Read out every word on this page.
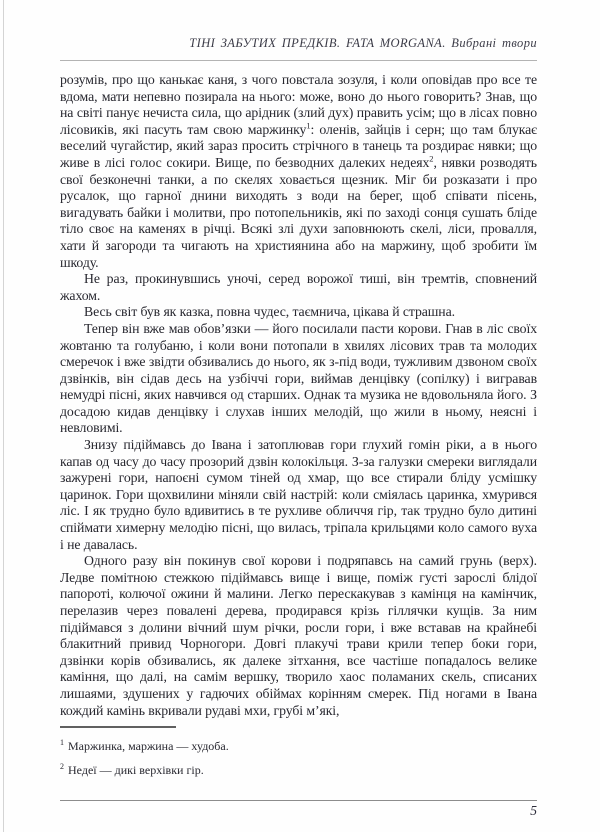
ТІНІ ЗАБУТИХ ПРЕДКІВ. FATA MORGANA. Вибрані твори

розумів, про що канькає каня, з чого повстала зозуля, і коли оповідав про все те вдома, мати непевно позирала на нього: може, воно до нього говорить? Знав, що на світі панує нечиста сила, що арідник (злий дух) править усім; що в лісах повно лісовиків, які пасуть там свою маржинку$^1$: оленів, зайців і серн; що там блукає веселий чугайстир, який зараз просить стрічного в танець та роздирає нявки; що живе в лісі голос сокири. Вище, по безводних далеких недеях$^2$, нявки розводять свої безконечні танки, а по скелях ховається щезник. Міг би розказати і про русалок, що гарної днини виходять з води на берег, щоб співати пісень, вигадувать байки і молитви, про потопельників, які по заході сонця сушать бліде тіло своє на каменях в річці. Всякі злі духи заповнюють скелі, ліси, провалля, хати й загороди та чигають на християнина або на маржину, щоб зробити їм шкоду.

Не раз, прокинувшись уночі, серед ворожої тиші, він тремтів, сповнений жахом.

Весь світ був як казка, повна чудес, таємнича, цікава й страшна.

Тепер він вже мав обов’язки — його посилали пасти корови. Гнав в ліс своїх жовтаню та голубаню, і коли вони потопали в хвилях лісових трав та молодих смеречок і вже звідти обзивались до нього, як з-під води, тужливим дзвоном своїх дзвінків, він сідав десь на узбіччі гори, виймав денцівку (сопілку) і вигравав немудрі пісні, яких навчився од старших. Однак та музика не вдовольняла його. З досадою кидав денцівку і слухав інших мелодій, що жили в ньому, неясні і невловимі.

Знизу підіймавсь до Івана і затоплював гори глухий гомін ріки, а в нього капав од часу до часу прозорий дзвін колокільця. З-за галузки смереки виглядали зажурені гори, напоєні сумом тіней од хмар, що все стирали бліду усмішку царинок. Гори щохвилини міняли свій настрій: коли сміялась царинка, хмурився ліс. І як трудно було вдивитись в те рухливе обличчя гір, так трудно було дитині спіймати химерну мелодію пісні, що вилась, тріпала крильцями коло самого вуха і не давалась.

Одного разу він покинув свої корови і подряпавсь на самий грунь (верх). Ледве помітною стежкою підіймавсь вище і вище, поміж густі зарослі блідої папороті, колючої ожини й малини. Легко перескакував з камінця на камінчик, перелазив через повалені дерева, продирався крізь гіллячки кущів. За ним підіймався з долини вічний шум річки, росли гори, і вже вставав на крайнебі блакитний привид Чорногори. Довгі плакучі трави крили тепер боки гори, дзвінки корів обзивались, як далеке зітхання, все частіше попадалось велике каміння, що далі, на самім вершку, творило хаос поламаних скель, списаних лишаями, здушених у гадючих обіймах корінням смерек. Під ногами в Івана кождий камінь вкривали рудаві мхи, грубі м’які,

$^1$ Маржинка, маржина — худоба.
$^2$ Недеї — дикі верхівки гір.
5
